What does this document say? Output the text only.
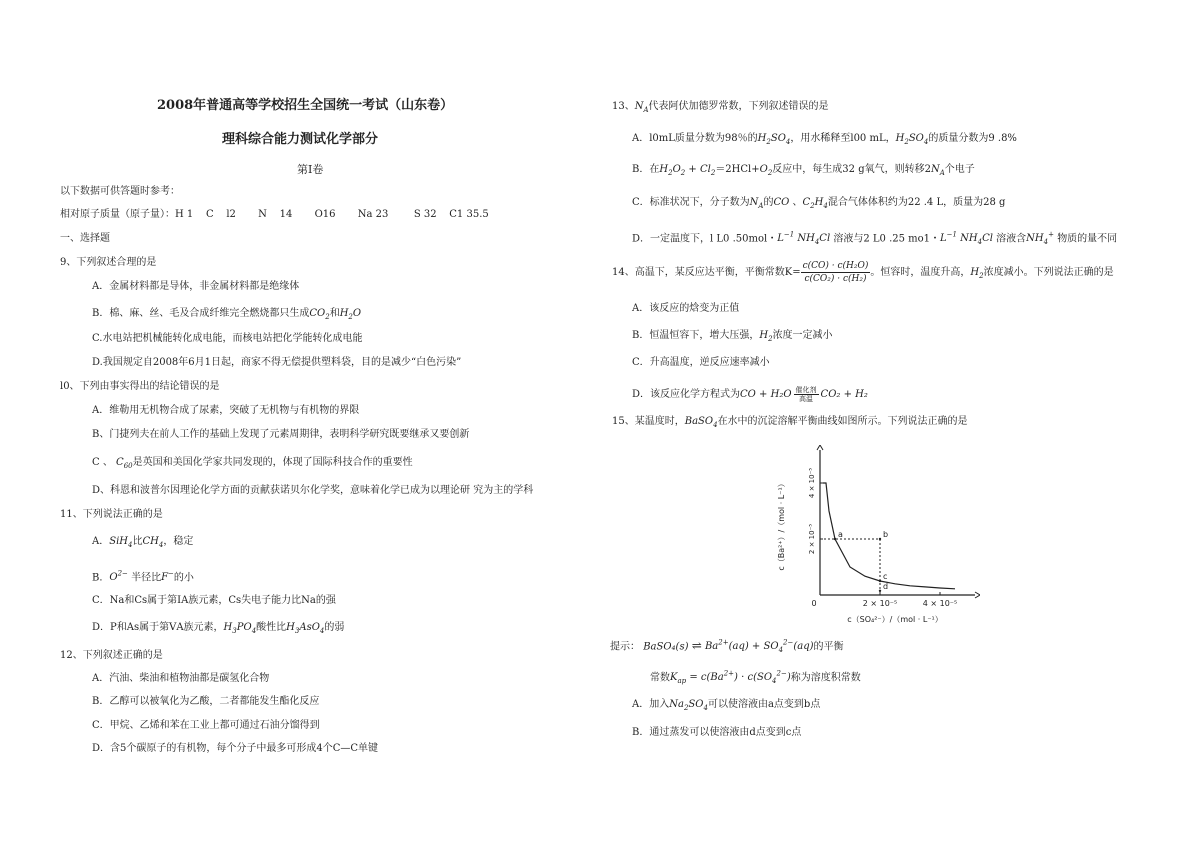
2008年普通高等学校招生全国统一考试（山东卷）
理科综合能力测试化学部分
第Ⅰ卷
以下数据可供答题时参考：
相对原子质量（原子量）：H 1    C    l2       N    14       O16       Na 23        S 32    C1 35.5
一、选择题
9、下列叙述合理的是
A．金属材料都是导体，非金属材料都是绝缘体
B．棉、麻、丝、毛及合成纤维完全燃烧都只生成$CO_2$和$H_2O$
C.水电站把机械能转化成电能，而核电站把化学能转化成电能
D.我国规定自2008年6月1日起，商家不得无偿提供塑料袋，目的是减少“白色污染”
l0、下列由事实得出的结论错误的是
A．维勒用无机物合成了尿素，突破了无机物与有机物的界限
B、门捷列夫在前人工作的基础上发现了元素周期律，表明科学研究既要继承又要创新
C 、 $C_{60}$是英国和美国化学家共同发现的，体现了国际科技合作的重要性
D、科恩和波普尔因理论化学方面的贡献获诺贝尔化学奖，意味着化学已成为以理论研 究为主的学科
11、下列说法正确的是
A．SiH$_4$比$CH_4$，稳定
B．$O^{2-}$ 半径比F−的小
C．Na和Cs属于第ⅠA族元素，Cs失电子能力比Na的强
D．P和As属于第ⅤA族元素，$H_3PO_4$酸性比$H_3AsO_4$的弱
12、下列叙述正确的是
A．汽油、柴油和植物油都是碳氢化合物
B．乙醇可以被氧化为乙酸，二者都能发生酯化反应
C．甲烷、乙烯和苯在工业上都可通过石油分馏得到
D．含5个碳原子的有机物，每个分子中最多可形成4个C—C单键
13、$N_A$代表阿伏加德罗常数，下列叙述错误的是
A．l0mL质量分数为98％的$H_2SO_4$，用水稀释至l00 mL，$H_2SO_4$的质量分数为9 .8%
B．在$H_2O_2 + Cl_2=2HCl+O_2$反应中，每生成32 g氧气，则转移$2N_A$个电子
C．标准状况下，分子数为$N_A$的CO 、$C_2H_4$混合气体体积约为22 .4 L，质量为28 g
D．一定温度下，l L0 .50mol・$L^{-1}$ $NH_4Cl$ 溶液与2 L0 .25 mo1・$L^{-1}$ $NH_4Cl$ 溶液含$NH_4^+$ 物质的量不同
14、高温下，某反应达平衡，平衡常数$K= \frac{\text{c(CO) · c(H₂O)}}{\text{c(CO₂) · c(H₂)}}$ 。恒容时，温度升高，$H_2$浓度减小。下列说法正确的是
A．该反应的焓变为正值
B．恒温恒容下，增大压强，$H_2$浓度一定减小
C．升高温度，逆反应速率减小
D．该反应化学方程式为CO + H₂O 催化剂
高温 CO₂ + H₂
15、某温度时，BaSO$_4$在水中的沉淀溶解平衡曲线如图所示。下列说法正确的是
0	2 × 10⁻⁵	4 × 10⁻⁵
2 × 10⁻⁵
4 × 10⁻⁵
a	b
c
d
c（SO₄²⁻）/（mol · L⁻¹）
c（Ba²⁺）/（mol · L⁻¹）
提示： BaSO₄(s) ⇌ $Ba^{2+}(aq) + SO_4^{2-}(aq)$的平衡
常数$K_{ap} = c(Ba^{2+}) \cdot c(SO_4^{2-})$称为溶度积常数
A．加入$Na_2SO_4$可以使溶液由a点变到b点
B．通过蒸发可以使溶液由d点变到c点
